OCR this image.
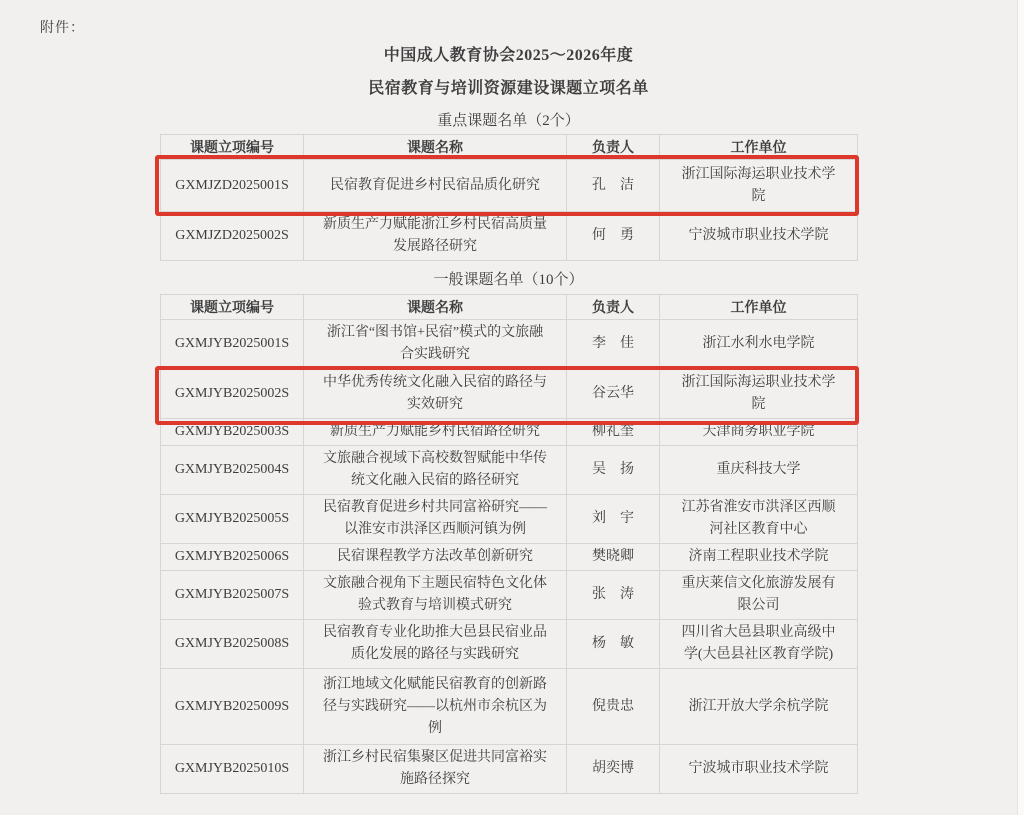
附件：
中国成人教育协会2025～2026年度
民宿教育与培训资源建设课题立项名单
重点课题名单（2个）
课题立项编号	课题名称	负责人	工作单位
GXMJZD2025001S	民宿教育促进乡村民宿品质化研究	孔　洁	浙江国际海运职业技术学院
GXMJZD2025002S	新质生产力赋能浙江乡村民宿高质量发展路径研究	何　勇	宁波城市职业技术学院
一般课题名单（10个）
课题立项编号	课题名称	负责人	工作单位
GXMJYB2025001S	浙江省“图书馆+民宿”模式的文旅融合实践研究	李　佳	浙江水利水电学院
GXMJYB2025002S	中华优秀传统文化融入民宿的路径与实效研究	谷云华	浙江国际海运职业技术学院
GXMJYB2025003S	新质生产力赋能乡村民宿路径研究	柳礼奎	天津商务职业学院
GXMJYB2025004S	文旅融合视域下高校数智赋能中华传统文化融入民宿的路径研究	吴　扬	重庆科技大学
GXMJYB2025005S	民宿教育促进乡村共同富裕研究——以淮安市洪泽区西顺河镇为例	刘　宇	江苏省淮安市洪泽区西顺河社区教育中心
GXMJYB2025006S	民宿课程教学方法改革创新研究	樊晓卿	济南工程职业技术学院
GXMJYB2025007S	文旅融合视角下主题民宿特色文化体验式教育与培训模式研究	张　涛	重庆莱信文化旅游发展有限公司
GXMJYB2025008S	民宿教育专业化助推大邑县民宿业品质化发展的路径与实践研究	杨　敏	四川省大邑县职业高级中学(大邑县社区教育学院)
GXMJYB2025009S	浙江地域文化赋能民宿教育的创新路径与实践研究——以杭州市余杭区为例	倪贵忠	浙江开放大学余杭学院
GXMJYB2025010S	浙江乡村民宿集聚区促进共同富裕实施路径探究	胡奕博	宁波城市职业技术学院
